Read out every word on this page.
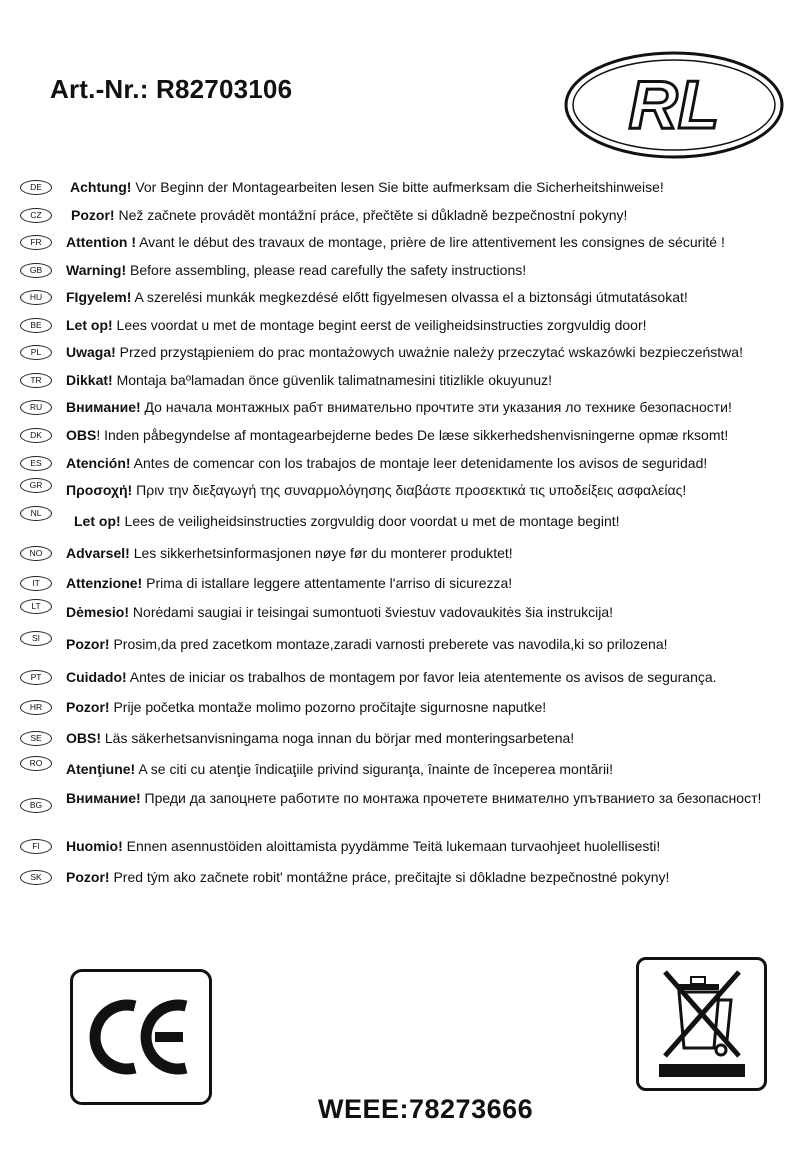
Art.-Nr.: R82703106	RL
DE	Achtung! Vor Beginn der Montagearbeiten lesen Sie bitte aufmerksam die Sicherheitshinweise!
CZ	Pozor! Než začnete provádět montážní práce, přečtěte si důkladně bezpečnostní pokyny!
FR	Attention ! Avant le début des travaux de montage, prière de lire attentivement les consignes de sécurité !
GB	Warning! Before assembling, please read carefully the safety instructions!
HU	FIgyelem! A szerelési munkák megkezdésé előtt figyelmesen olvassa el a biztonsági útmutatásokat!
BE	Let op! Lees voordat u met de montage begint eerst de veiligheidsinstructies zorgvuldig door!
PL	Uwaga! Przed przystąpieniem do prac montażowych uważnie należy przeczytać wskazówki bezpieczeństwa!
TR	Dikkat! Montaja baºlamadan önce güvenlik talimatnamesini titizlikle okuyunuz!
RU	Внимание! До начала монтажных рабт внимательно прочтите эти указания ло технике безопасности!
DK	OBS! Inden påbegyndelse af montagearbejderne bedes De læse sikkerhedshenvisningerne opmæ rksomt!
ES	Atención! Antes de comencar con los trabajos de montaje leer detenidamente los avisos de seguridad!
GR	Προσοχή! Πριν την διεξαγωγή της συναρμολόγησης διαβάστε προσεκτικά τις υποδείξεις ασφαλείας!
NL	Let op! Lees de veiligheidsinstructies zorgvuldig door voordat u met de montage begint!
NO	Advarsel! Les sikkerhetsinformasjonen nøye før du monterer produktet!
IT	Attenzione! Prima di istallare leggere attentamente l'arriso di sicurezza!
LT	Dėmesio! Norėdami saugiai ir teisingai sumontuoti šviestuv vadovaukitės šia instrukcija!
SI	Pozor! Prosim,da pred zacetkom montaze,zaradi varnosti preberete vas navodila,ki so prilozena!
PT	Cuidado! Antes de iniciar os trabalhos de montagem por favor leia atentemente os avisos de segurança.
HR	Pozor! Prije početka montaže molimo pozorno pročitajte sigurnosne naputke!
SE	OBS! Läs säkerhetsanvisningama noga innan du börjar med monteringsarbetena!
RO	Atenţiune! A se citi cu atenţie îndicaţiile privind siguranţa, înainte de începerea montării!
BG	Внимание! Преди да запоцнете работите по монтажа прочетете внимателно упътванието за безопасност!
FI	Huomio! Ennen asennustöiden aloittamista pyydämme Teitä lukemaan turvaohjeet huolellisesti!
SK	Pozor! Pred tým ako začnete robit' montážne práce, prečitajte si dôkladne bezpečnostné pokyny!
WEEE:78273666
